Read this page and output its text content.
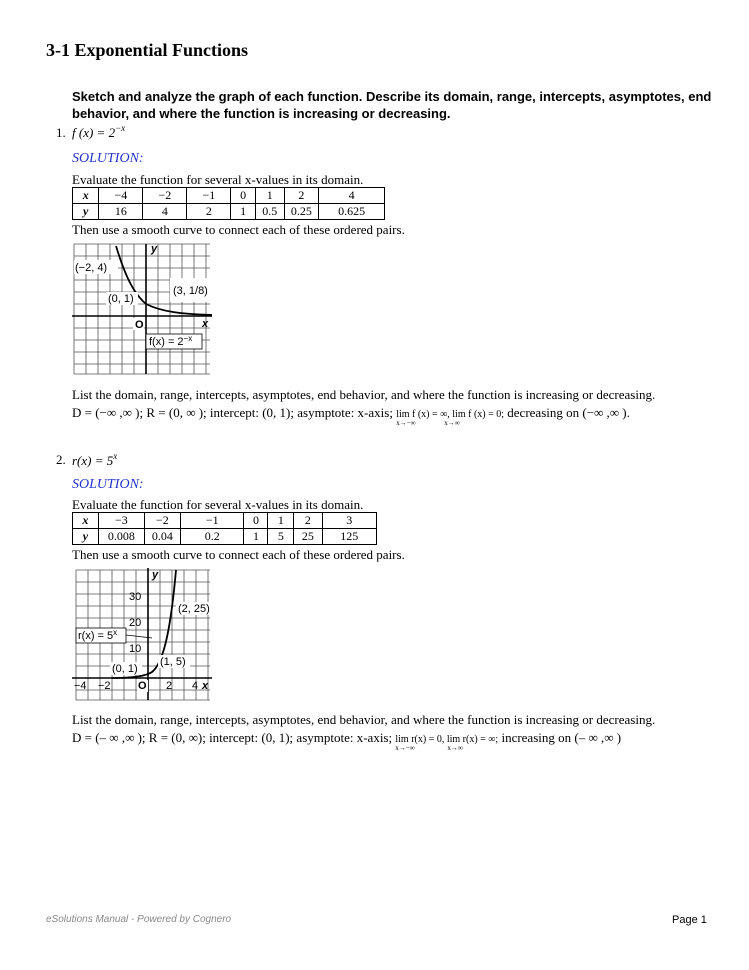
3-1 Exponential Functions
Sketch and analyze the graph of each function. Describe its domain, range, intercepts, asymptotes, end behavior, and where the function is increasing or decreasing.
1. f $(x) = 2^{-x}$
SOLUTION:
Evaluate the function for several x-values in its domain.
x	−4	−2	−1	0	1	2	4
y	16	4	2	1	0.5	0.25	0.625
Then use a smooth curve to connect each of these ordered pairs.
(−2, 4)
(0, 1)
(3, 1/8)
O	x
y
$f(x) = 2^{-x}$
List the domain, range, intercepts, asymptotes, end behavior, and where the function is increasing or decreasing.
D = (−∞ ,∞ ); R = (0, ∞ ); intercept: (0, 1); asymptote: x-axis; lim f (x) = ∞, lim f (x) = 0;
x→−∞	x→∞
decreasing on (−∞ ,∞ ).
2. $r(x) = 5^x$
SOLUTION:
Evaluate the function for several x-values in its domain.
x	−3	−2	−1	0	1	2	3
y	0.008	0.04	0.2	1	5	25	125
Then use a smooth curve to connect each of these ordered pairs.
30
20
10
(2, 25)
(1, 5)
(0, 1)
−4 −2 O 2 4 x
y
$r(x) = 5^x$
List the domain, range, intercepts, asymptotes, end behavior, and where the function is increasing or decreasing.
D = (– ∞ ,∞ ); R = (0, ∞); intercept: (0, 1); asymptote: x-axis; lim r(x) = 0, lim r(x) = ∞;
x→−∞	x→∞
increasing on (– ∞ ,∞ )
eSolutions Manual - Powered by Cognero	Page 1
